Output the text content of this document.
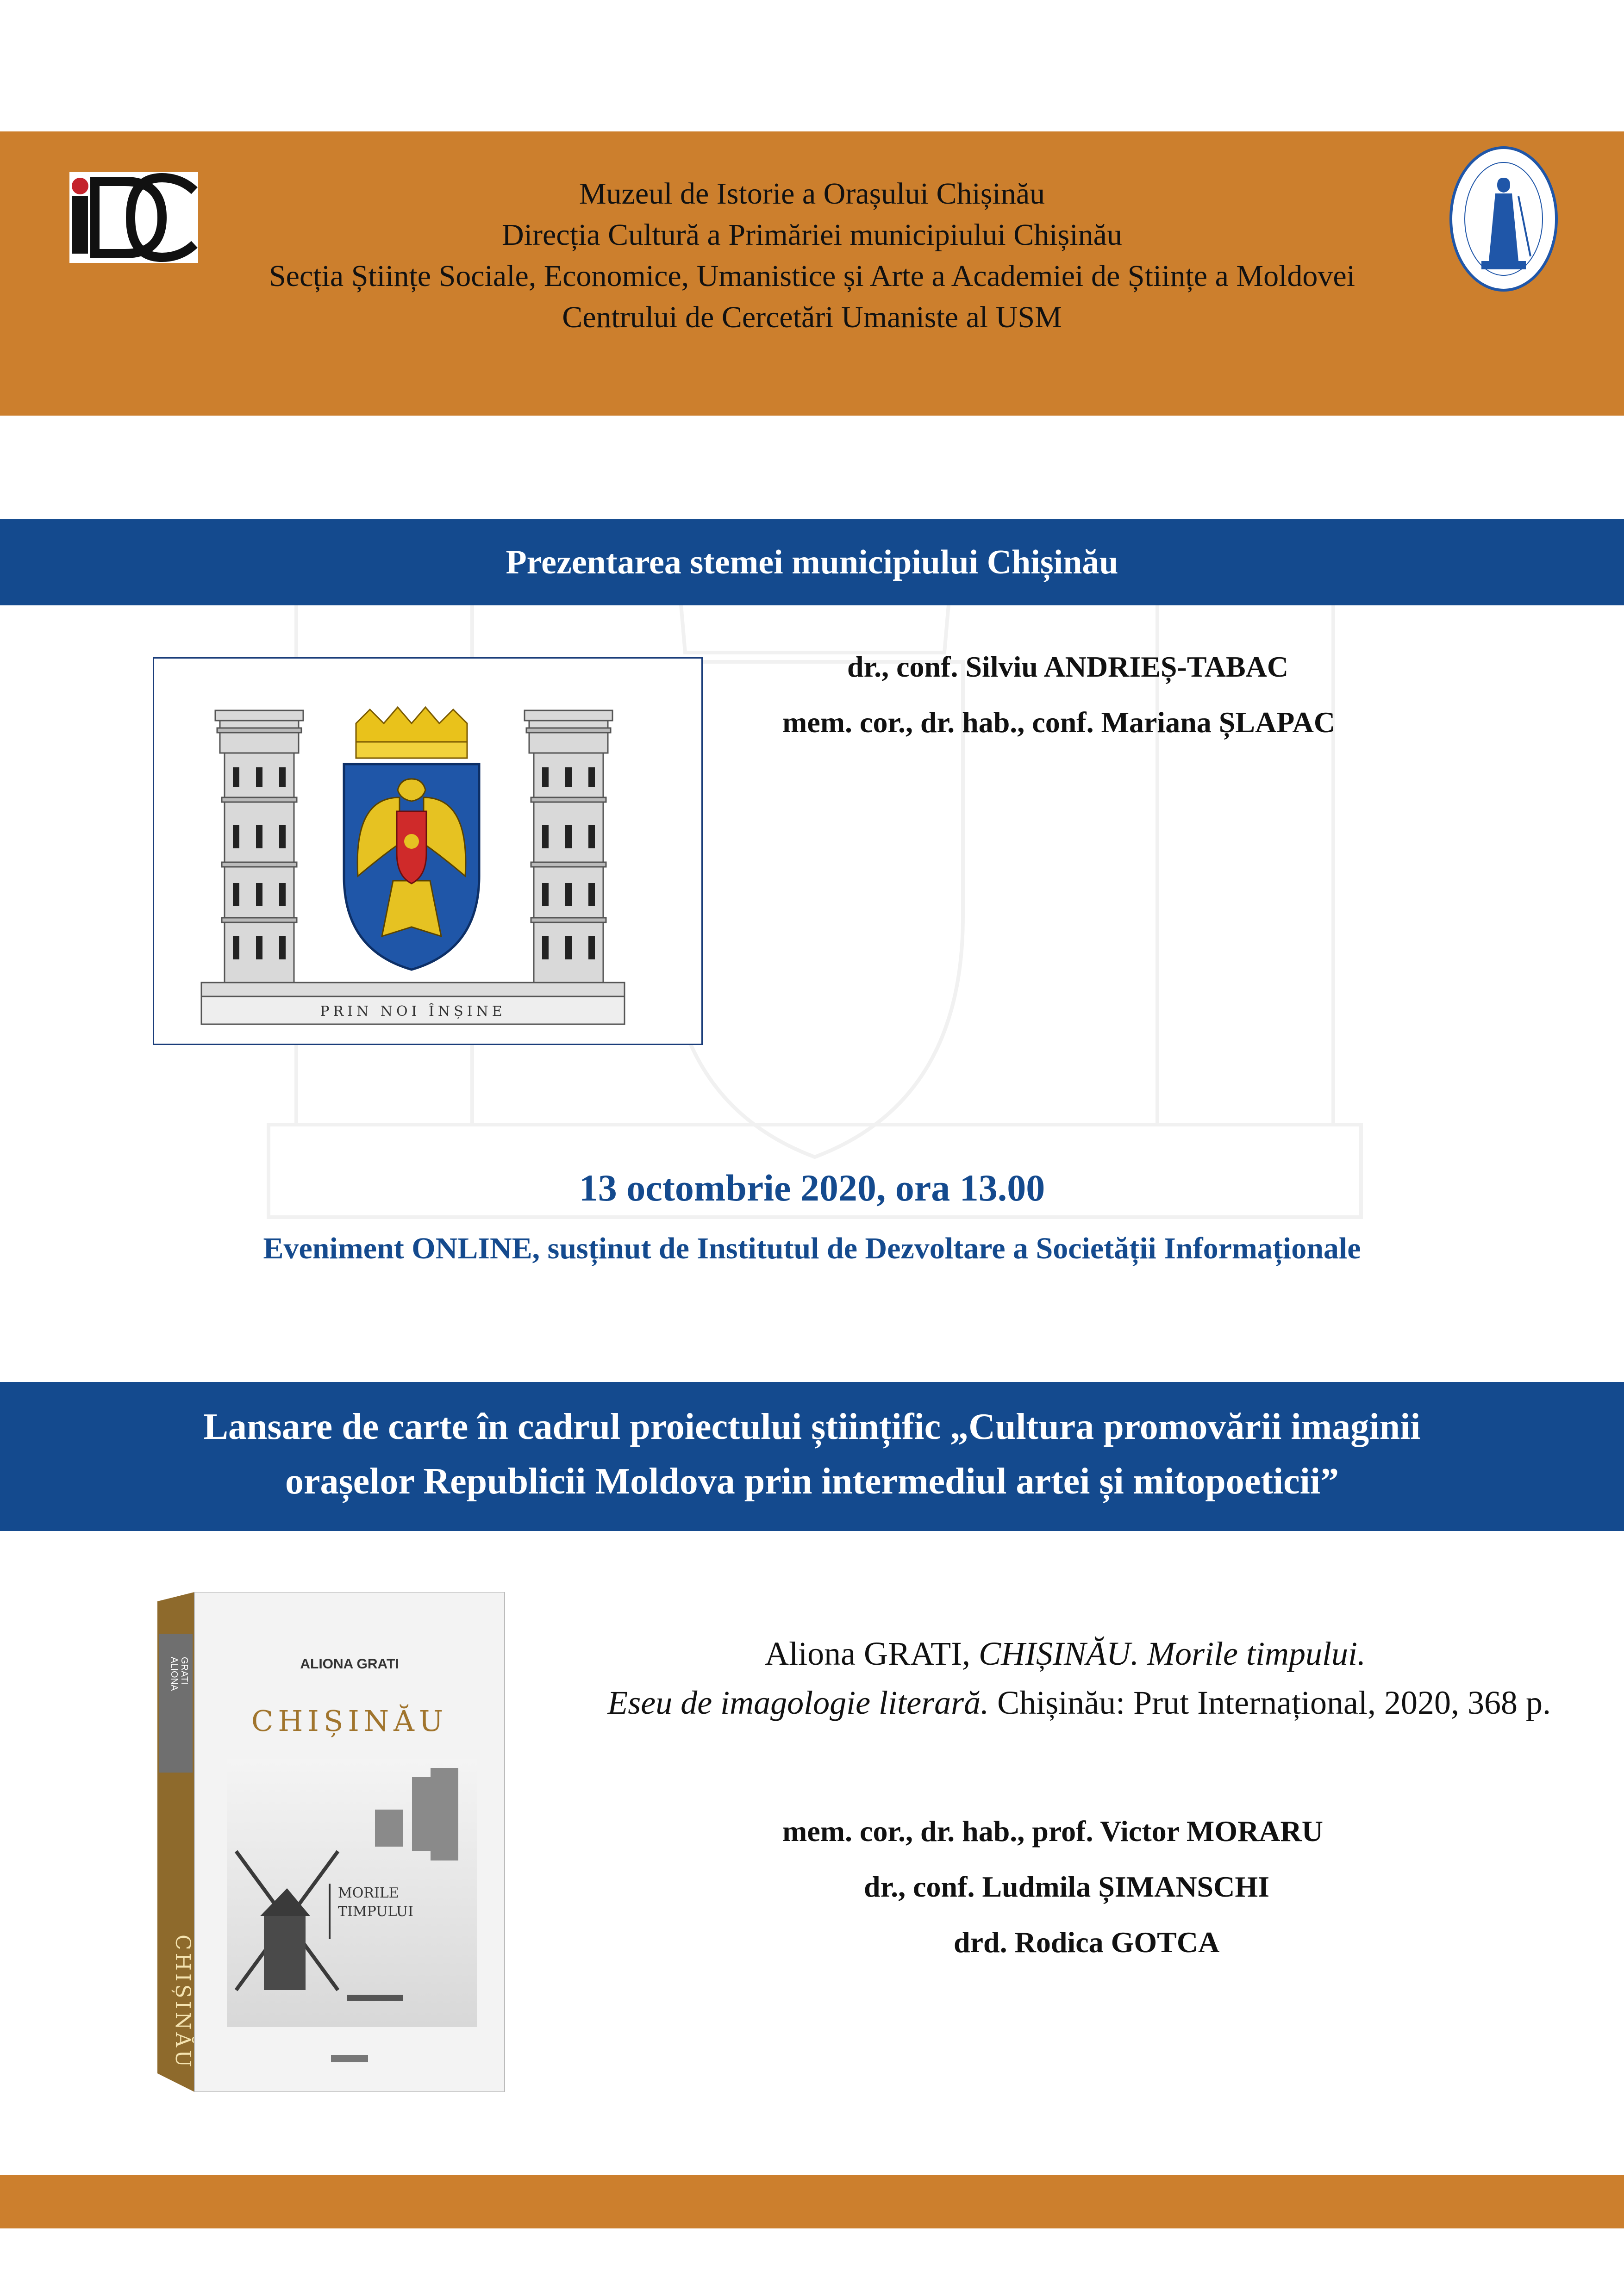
Muzeul de Istorie a Orașului Chișinău
Direcția Cultură a Primăriei municipiului Chișinău
Secția Științe Sociale, Economice, Umanistice și Arte a Academiei de Științe a Moldovei
Centrului de Cercetări Umaniste al USM
Prezentarea stemei municipiului Chișinău
PRIN NOI ÎNȘINE
dr., conf. Silviu ANDRIEȘ-TABAC
mem. cor., dr. hab., conf. Mariana ȘLAPAC
13 octombrie 2020, ora 13.00
Eveniment ONLINE, susținut de Institutul de Dezvoltare a Societății Informaționale
Lansare de carte în cadrul proiectului științific „Cultura promovării imaginii
orașelor Republicii Moldova prin intermediul artei și mitopoeticii”
ALIONA GRATI
CHIȘINĂU
ALIONA GRATI
CHIȘINĂU
MORILE
TIMPULUI
Aliona GRATI, CHIȘINĂU. Morile timpului.
Eseu de imagologie literară. Chișinău: Prut Internațional, 2020, 368 p.
mem. cor., dr. hab., prof. Victor MORARU
dr., conf. Ludmila ȘIMANSCHI
drd. Rodica GOTCA
